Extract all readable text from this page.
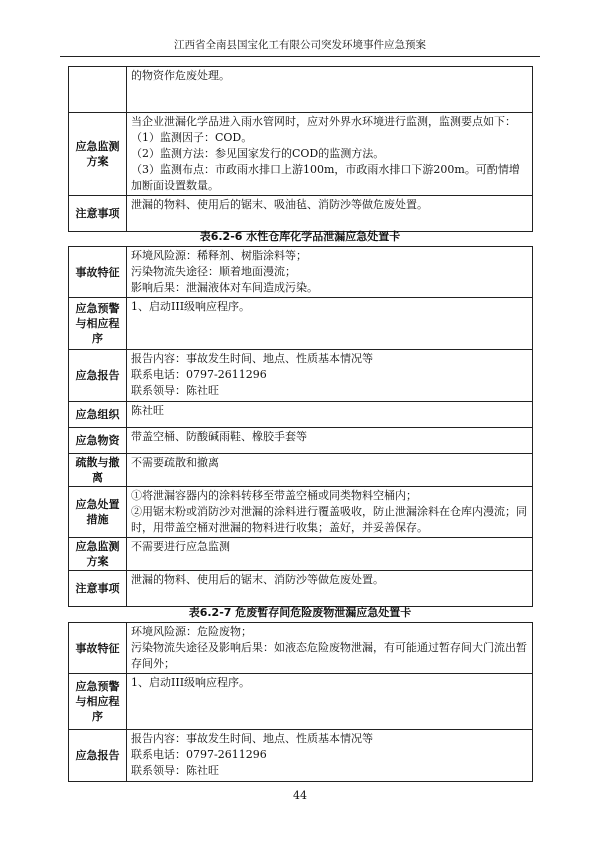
江西省全南县国宝化工有限公司突发环境事件应急预案

	的物资作危废处理。

应急监测方案	当企业泄漏化学品进入雨水管网时，应对外界水环境进行监测，监测要点如下：
（1）监测因子：COD。
（2）监测方法：参见国家发行的COD的监测方法。
（3）监测布点：市政雨水排口上游100m，市政雨水排口下游200m。可酌情增加断面设置数量。

注意事项	泄漏的物料、使用后的锯末、吸油毡、消防沙等做危废处置。
表6.2-6 水性仓库化学品泄漏应急处置卡
事故特征	环境风险源：稀释剂、树脂涂料等；
污染物流失途径：顺着地面漫流；
影响后果：泄漏液体对车间造成污染。

应急预警与相应程序	1、启动III级响应程序。

应急报告	报告内容：事故发生时间、地点、性质基本情况等
联系电话：0797-2611296
联系领导：陈社旺

应急组织	陈社旺

应急物资	带盖空桶、防酸碱雨鞋、橡胶手套等

疏散与撤离	不需要疏散和撤离

应急处置措施	①将泄漏容器内的涂料转移至带盖空桶或同类物料空桶内；
②用锯末粉或消防沙对泄漏的涂料进行覆盖吸收，防止泄漏涂料在仓库内漫流；同时，用带盖空桶对泄漏的物料进行收集；盖好，并妥善保存。

应急监测方案	不需要进行应急监测

注意事项	泄漏的物料、使用后的锯末、消防沙等做危废处置。
表6.2-7 危废暂存间危险废物泄漏应急处置卡
事故特征	环境风险源：危险废物；
污染物流失途径及影响后果：如液态危险废物泄漏，有可能通过暂存间大门流出暂存间外；

应急预警与相应程序	1、启动III级响应程序。

应急报告	报告内容：事故发生时间、地点、性质基本情况等
联系电话：0797-2611296
联系领导：陈社旺
44
